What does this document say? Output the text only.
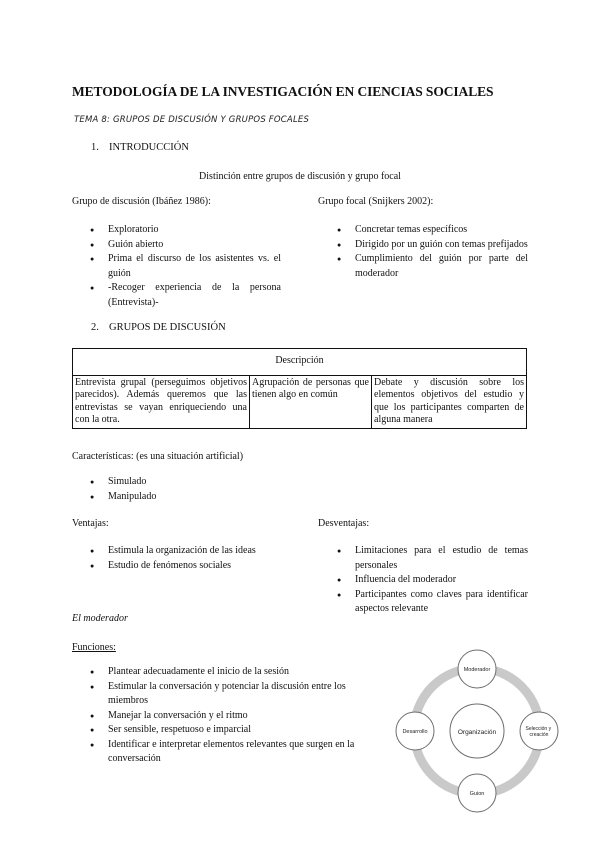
METODOLOGÍA DE LA INVESTIGACIÓN EN CIENCIAS SOCIALES
TEMA 8: GRUPOS DE DISCUSIÓN Y GRUPOS FOCALES
1. INTRODUCCIÓN
Distinción entre grupos de discusión y grupo focal
Grupo de discusión (Ibáñez 1986):
● Exploratorio
● Guión abierto
● Prima el discurso de los asistentes vs. el guión
● -Recoger experiencia de la persona (Entrevista)-
Grupo focal (Snijkers 2002):
● Concretar temas específicos
● Dirigido por un guión con temas prefijados
● Cumplimiento del guión por parte del moderador
2. GRUPOS DE DISCUSIÓN
Descripción
Entrevista grupal (perseguimos objetivos parecidos). Además queremos que las entrevistas se vayan enriqueciendo una con la otra.	Agrupación de personas que tienen algo en común	Debate y discusión sobre los elementos objetivos del estudio y que los participantes comparten de alguna manera
Características: (es una situación artificial)
● Simulado
● Manipulado
Ventajas:
● Estimula la organización de las ideas
● Estudio de fenómenos sociales
Desventajas:
● Limitaciones para el estudio de temas personales
● Influencia del moderador
● Participantes como claves para identificar aspectos relevante
El moderador
Funciones:
● Plantear adecuadamente el inicio de la sesión
● Estimular la conversación y potenciar la discusión entre los miembros
● Manejar la conversación y el ritmo
● Ser sensible, respetuoso e imparcial
● Identificar e interpretar elementos relevantes que surgen en la conversación
Organización
Moderador
Selección y creación
Guion
Desarrollo
